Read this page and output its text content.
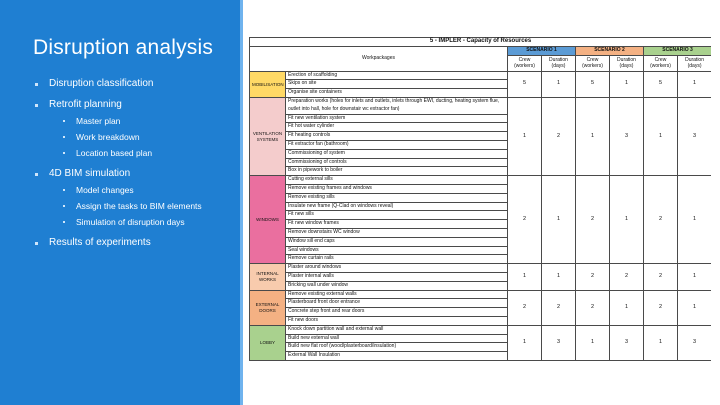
Disruption analysis
Disruption classification
Retrofit planning
Master plan
Work breakdown
Location based plan
4D BIM simulation
Model changes
Assign the tasks to BIM elements
Simulation of disruption days
Results of experiments
5 - IMPLER - Capacity of Resources							
Workpackages		SCENARIO 1		SCENARIO 2		SCENARIO 3	
		Crew (workers)	Duration (days)	Crew (workers)	Duration (days)	Crew (workers)	Duration (days)
MOBILISATION	Erection of scaffolding	5	1	5	1	5	1
	Skips on site						
	Organise site containers						
VENTILATION SYSTEMS	Preparation works (holes for inlets and outlets, inlets through EWI, ducting, heating system flue, outlet into hall, hole for downstair wc extractor fan)	1	2	1	3	1	3
	Fit new ventilation system						
	Fit hot water cylinder						
	Fit heating controls						
	Fit extractor fan (bathroom)						
	Commissioning of system						
	Commissioning of controls						
	Box in pipework to boiler						
WINDOWS	Cutting external sills	2	1	2	1	2	1
	Remove existing frames and windows						
	Remove existing sills						
	Insulate new frame (Q-Clad on windows reveal)						
	Fit new sills						
	Fit new window frames						
	Remove downstairs WC window						
	Window sill end caps						
	Seal windows						
	Remove curtain rails						
INTERNAL WORKS	Plaster around windows	1	1	2	2	2	1
	Plaster internal walls						
	Bricking wall under window						
EXTERNAL DOORS	Remove existing external walls	2	2	2	1	2	1
	Plasterboard front door entrance						
	Concrete step front and rear doors						
	Fit new doors						
LOBBY	Knock down partition wall and external wall	1	3	1	3	1	3
	Build new external wall						
	Build new flat roof (wood/plasterboard/insulation)						
	External Wall Insulation						
